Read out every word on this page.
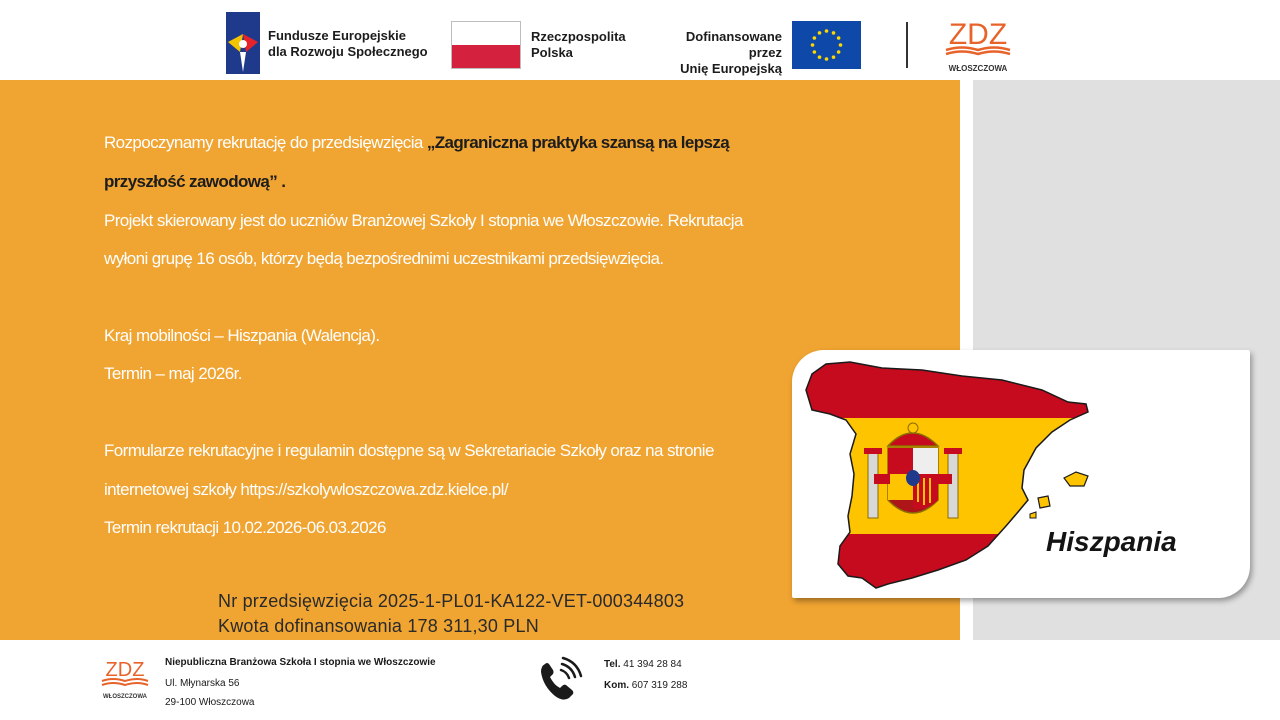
Fundusze Europejskie
dla Rozwoju Społecznego
Rzeczpospolita
Polska
Dofinansowane przez
Unię Europejską
ZDZ
WŁOSZCZOWA
Rozpoczynamy rekrutację do przedsięwzięcia „Zagraniczna praktyka szansą na lepszą
przyszłość zawodową” .
Projekt skierowany jest do uczniów Branżowej Szkoły I stopnia we Włoszczowie. Rekrutacja
wyłoni grupę 16 osób, którzy będą bezpośrednimi uczestnikami przedsięwzięcia.
Kraj mobilności – Hiszpania (Walencja).
Termin – maj 2026r.
Formularze rekrutacyjne i regulamin dostępne są w Sekretariacie Szkoły oraz na stronie
internetowej szkoły https://szkolywloszczowa.zdz.kielce.pl/
Termin rekrutacji 10.02.2026-06.03.2026
Nr przedsięwzięcia 2025-1-PL01-KA122-VET-000344803
Kwota dofinansowania 178 311,30 PLN
Hiszpania
ZDZ
WŁOSZCZOWA
Niepubliczna Branżowa Szkoła I stopnia we Włoszczowie
Ul. Młynarska 56
29-100 Włoszczowa
Tel. 41 394 28 84
Kom. 607 319 288
